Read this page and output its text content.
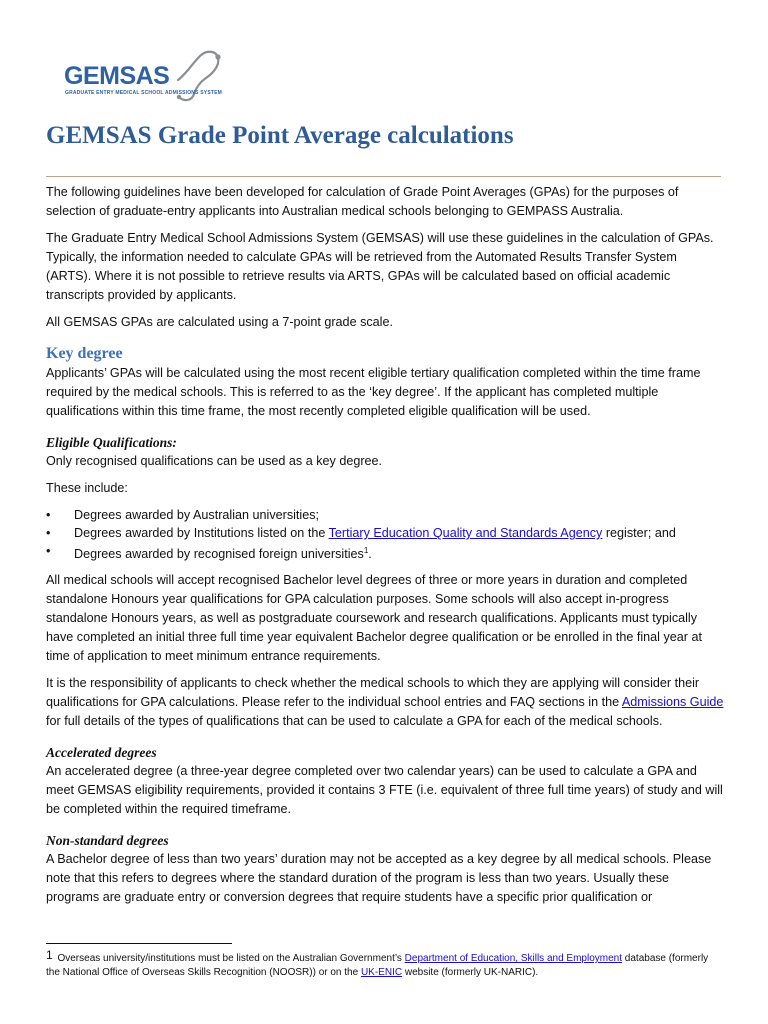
GEMSAS
GRADUATE ENTRY MEDICAL SCHOOL ADMISSIONS SYSTEM
GEMSAS Grade Point Average calculations

The following guidelines have been developed for calculation of Grade Point Averages (GPAs) for the purposes of selection of graduate-entry applicants into Australian medical schools belonging to GEMPASS Australia.

The Graduate Entry Medical School Admissions System (GEMSAS) will use these guidelines in the calculation of GPAs. Typically, the information needed to calculate GPAs will be retrieved from the Automated Results Transfer System (ARTS). Where it is not possible to retrieve results via ARTS, GPAs will be calculated based on official academic transcripts provided by applicants.

All GEMSAS GPAs are calculated using a 7-point grade scale.

Key degree

Applicants’ GPAs will be calculated using the most recent eligible tertiary qualification completed within the time frame required by the medical schools. This is referred to as the ‘key degree’. If the applicant has completed multiple qualifications within this time frame, the most recently completed eligible qualification will be used.

Eligible Qualifications:

Only recognised qualifications can be used as a key degree.

These include:

• Degrees awarded by Australian universities;
• Degrees awarded by Institutions listed on the Tertiary Education Quality and Standards Agency register; and
• Degrees awarded by recognised foreign universities$^1$.

All medical schools will accept recognised Bachelor level degrees of three or more years in duration and completed standalone Honours year qualifications for GPA calculation purposes. Some schools will also accept in-progress standalone Honours years, as well as postgraduate coursework and research qualifications. Applicants must typically have completed an initial three full time year equivalent Bachelor degree qualification or be enrolled in the final year at time of application to meet minimum entrance requirements.

It is the responsibility of applicants to check whether the medical schools to which they are applying will consider their qualifications for GPA calculations. Please refer to the individual school entries and FAQ sections in the Admissions Guide for full details of the types of qualifications that can be used to calculate a GPA for each of the medical schools.

Accelerated degrees

An accelerated degree (a three-year degree completed over two calendar years) can be used to calculate a GPA and meet GEMSAS eligibility requirements, provided it contains 3 FTE (i.e. equivalent of three full time years) of study and will be completed within the required timeframe.

Non-standard degrees

A Bachelor degree of less than two years’ duration may not be accepted as a key degree by all medical schools. Please note that this refers to degrees where the standard duration of the program is less than two years. Usually these programs are graduate entry or conversion degrees that require students have a specific prior qualification or

1 Overseas university/institutions must be listed on the Australian Government’s Department of Education, Skills and Employment database (formerly the National Office of Overseas Skills Recognition (NOOSR)) or on the UK-ENIC website (formerly UK-NARIC).
